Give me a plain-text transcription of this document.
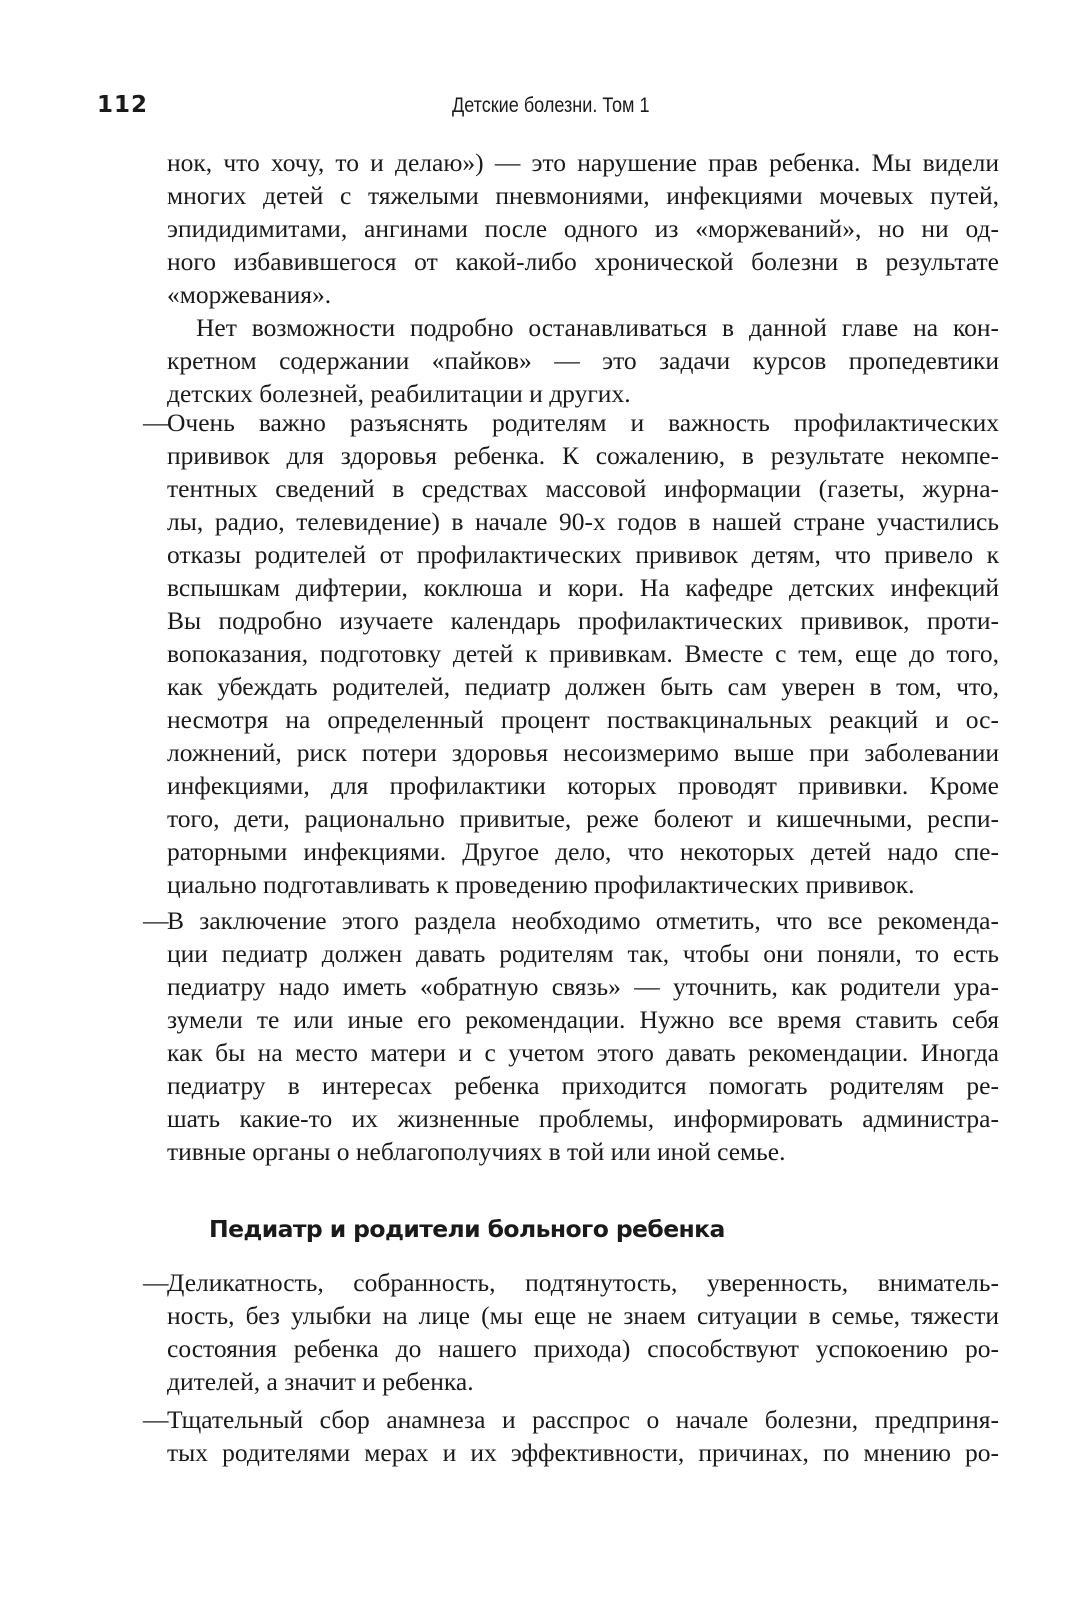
112	Детские болезни. Том 1
нок, что хочу, то и делаю») — это нарушение прав ребенка. Мы видели
многих детей с тяжелыми пневмониями, инфекциями мочевых путей,
эпидидимитами, ангинами после одного из «моржеваний», но ни од-
ного избавившегося от какой-либо хронической болезни в результате
«моржевания».
Нет возможности подробно останавливаться в данной главе на кон-
кретном содержании «пайков» — это задачи курсов пропедевтики
детских болезней, реабилитации и других.
—
Очень важно разъяснять родителям и важность профилактических
прививок для здоровья ребенка. К сожалению, в результате некомпе-
тентных сведений в средствах массовой информации (газеты, журна-
лы, радио, телевидение) в начале 90-х годов в нашей стране участились
отказы родителей от профилактических прививок детям, что привело к
вспышкам дифтерии, коклюша и кори. На кафедре детских инфекций
Вы подробно изучаете календарь профилактических прививок, проти-
вопоказания, подготовку детей к прививкам. Вместе с тем, еще до того,
как убеждать родителей, педиатр должен быть сам уверен в том, что,
несмотря на определенный процент поствакцинальных реакций и ос-
ложнений, риск потери здоровья несоизмеримо выше при заболевании
инфекциями, для профилактики которых проводят прививки. Кроме
того, дети, рационально привитые, реже болеют и кишечными, респи-
раторными инфекциями. Другое дело, что некоторых детей надо спе-
циально подготавливать к проведению профилактических прививок.
—
В заключение этого раздела необходимо отметить, что все рекоменда-
ции педиатр должен давать родителям так, чтобы они поняли, то есть
педиатру надо иметь «обратную связь» — уточнить, как родители ура-
зумели те или иные его рекомендации. Нужно все время ставить себя
как бы на место матери и с учетом этого давать рекомендации. Иногда
педиатру в интересах ребенка приходится помогать родителям ре-
шать какие-то их жизненные проблемы, информировать администра-
тивные органы о неблагополучиях в той или иной семье.
Педиатр и родители больного ребенка
—
Деликатность, собранность, подтянутость, уверенность, вниматель-
ность, без улыбки на лице (мы еще не знаем ситуации в семье, тяжести
состояния ребенка до нашего прихода) способствуют успокоению ро-
дителей, а значит и ребенка.
—
Тщательный сбор анамнеза и расспрос о начале болезни, предприня-
тых родителями мерах и их эффективности, причинах, по мнению ро-
